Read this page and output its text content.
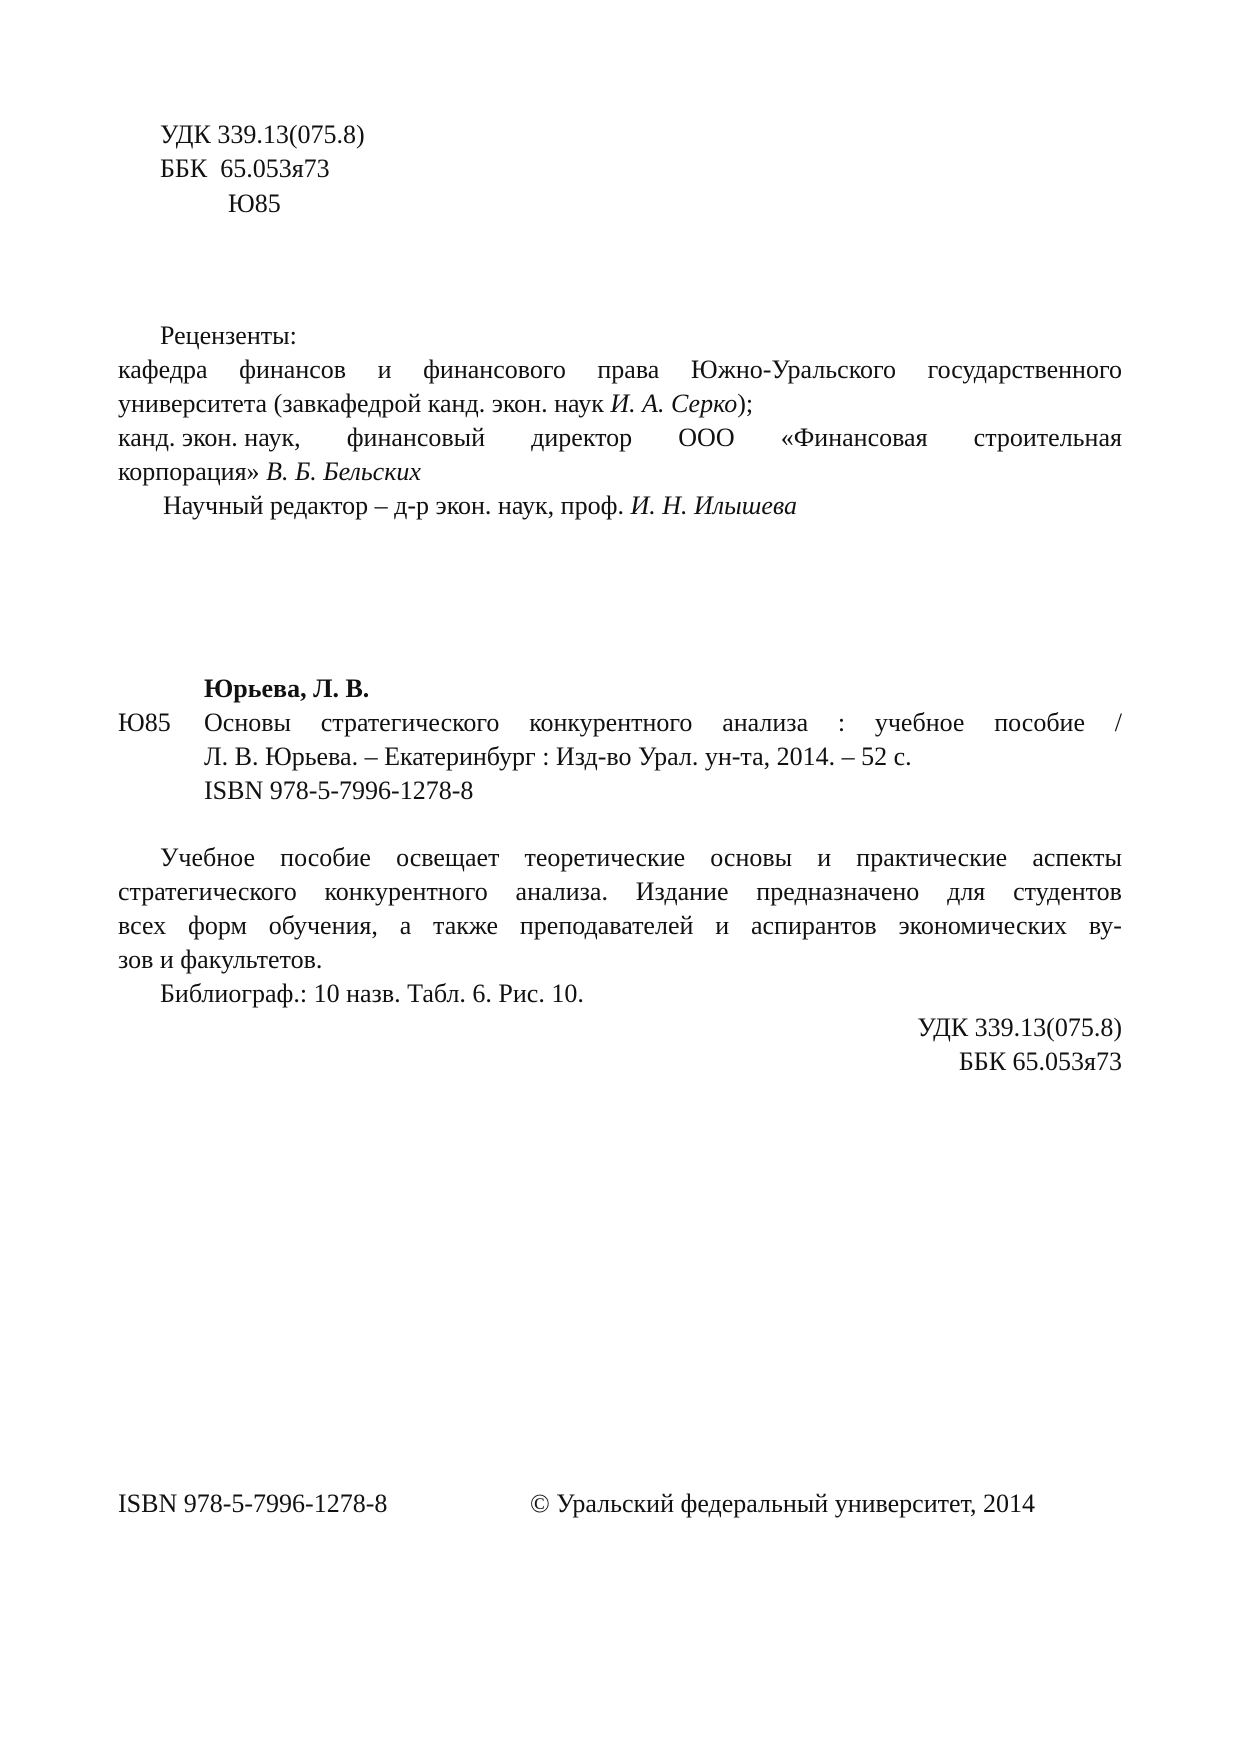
УДК 339.13(075.8)
ББК 65.053я73
Ю85
Рецензенты:
кафедра финансов и финансового права Южно-Уральского государственного
университета (завкафедрой канд. экон. наук И. А. Серко);
канд. экон. наук, финансовый директор ООО «Финансовая строительная
корпорация» В. Б. Бельских
Научный редактор – д-р экон. наук, проф. И. Н. Илышева
Юрьева, Л. В.
Ю85 Основы стратегического конкурентного анализа : учебное пособие /
Л. В. Юрьева. – Екатеринбург : Изд-во Урал. ун-та, 2014. – 52 с.
ISBN 978-5-7996-1278-8
Учебное пособие освещает теоретические основы и практические аспекты
стратегического конкурентного анализа. Издание предназначено для студентов
всех форм обучения, а также преподавателей и аспирантов экономических ву-
зов и факультетов.
Библиограф.: 10 назв. Табл. 6. Рис. 10.
УДК 339.13(075.8)
ББК 65.053я73
ISBN 978-5-7996-1278-8	© Уральский федеральный университет, 2014
